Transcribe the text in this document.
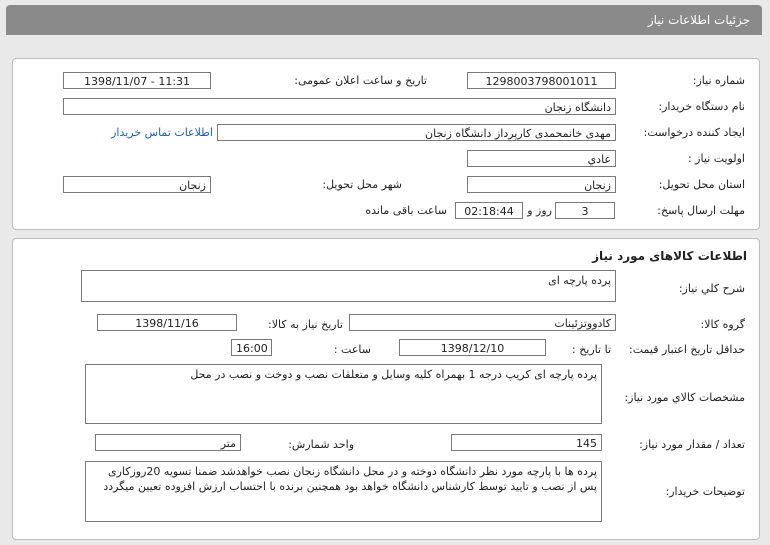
جزئیات اطلاعات نیاز
شماره نیاز:
1298003798001011
تاریخ و ساعت اعلان عمومی:
1398/11/07 - 11:31
نام دستگاه خریدار:
دانشگاه زنجان
ایجاد کننده درخواست:
مهدی خانمحمدی کارپرداز دانشگاه زنجان
اطلاعات تماس خریدار
اولویت نیاز :
عادي
استان محل تحویل:
زنجان
شهر محل تحویل:
زنجان
مهلت ارسال پاسخ:
3
روز و
02:18:44
ساعت باقی مانده
اطلاعات کالاهای مورد نیاز
شرح کلي نیاز:
پرده پارچه ای
گروه کالا:
کادووتزئینات
تاریخ نیاز به کالا:
1398/11/16
حداقل تاریخ اعتبار قیمت:
تا تاریخ :
1398/12/10
ساعت :
16:00
مشخصات کالاي مورد نیاز:
پرده پارچه ای کریپ درجه 1 بهمراه کلیه وسایل و متعلقات نصب و دوخت و نصب در محل
تعداد / مقدار مورد نیاز:
145
واحد شمارش:
متر
توضیحات خریدار:
پرده ها با پارچه مورد نظر دانشگاه دوخته و در محل دانشگاه زنجان نصب خواهدشد ضمنا تسویه 20روزکاری پس از نصب و تایید توسط کارشناس دانشگاه خواهد بود همچنین برنده با احتساب ارزش افزوده تعیین میگردد
